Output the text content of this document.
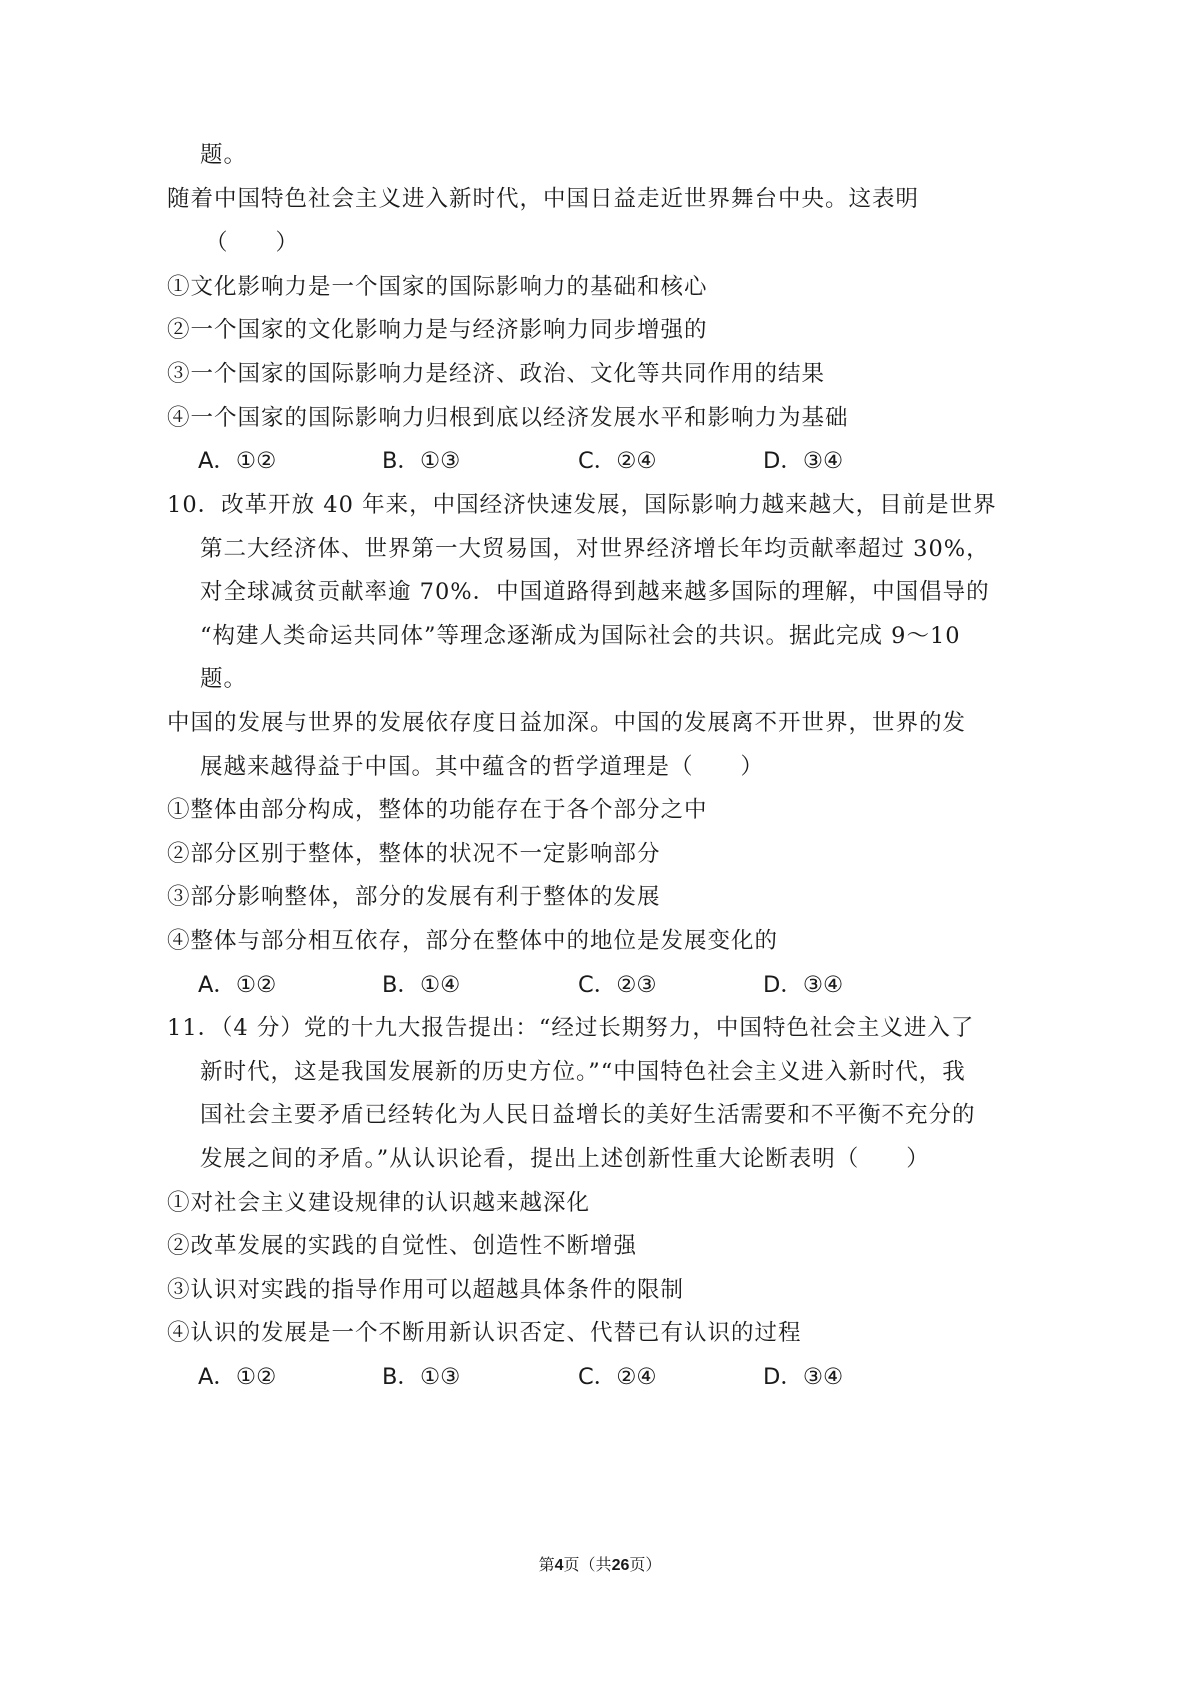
题。
随着中国特色社会主义进入新时代，中国日益走近世界舞台中央。这表明
（　　）
①文化影响力是一个国家的国际影响力的基础和核心
②一个国家的文化影响力是与经济影响力同步增强的
③一个国家的国际影响力是经济、政治、文化等共同作用的结果
④一个国家的国际影响力归根到底以经济发展水平和影响力为基础
A．①②	B．①③	C．②④	D．③④
10．改革开放 40 年来，中国经济快速发展，国际影响力越来越大，目前是世界
第二大经济体、世界第一大贸易国，对世界经济增长年均贡献率超过 30%，
对全球减贫贡献率逾 70%．中国道路得到越来越多国际的理解，中国倡导的
“构建人类命运共同体”等理念逐渐成为国际社会的共识。据此完成 9～10
题。
中国的发展与世界的发展依存度日益加深。中国的发展离不开世界，世界的发
展越来越得益于中国。其中蕴含的哲学道理是（　　）
①整体由部分构成，整体的功能存在于各个部分之中
②部分区别于整体，整体的状况不一定影响部分
③部分影响整体，部分的发展有利于整体的发展
④整体与部分相互依存，部分在整体中的地位是发展变化的
A．①②	B．①④	C．②③	D．③④
11．（4 分）党的十九大报告提出：“经过长期努力，中国特色社会主义进入了
新时代，这是我国发展新的历史方位。”“中国特色社会主义进入新时代，我
国社会主要矛盾已经转化为人民日益增长的美好生活需要和不平衡不充分的
发展之间的矛盾。”从认识论看，提出上述创新性重大论断表明（　　）
①对社会主义建设规律的认识越来越深化
②改革发展的实践的自觉性、创造性不断增强
③认识对实践的指导作用可以超越具体条件的限制
④认识的发展是一个不断用新认识否定、代替已有认识的过程
A．①②	B．①③	C．②④	D．③④
第4页（共26页）
